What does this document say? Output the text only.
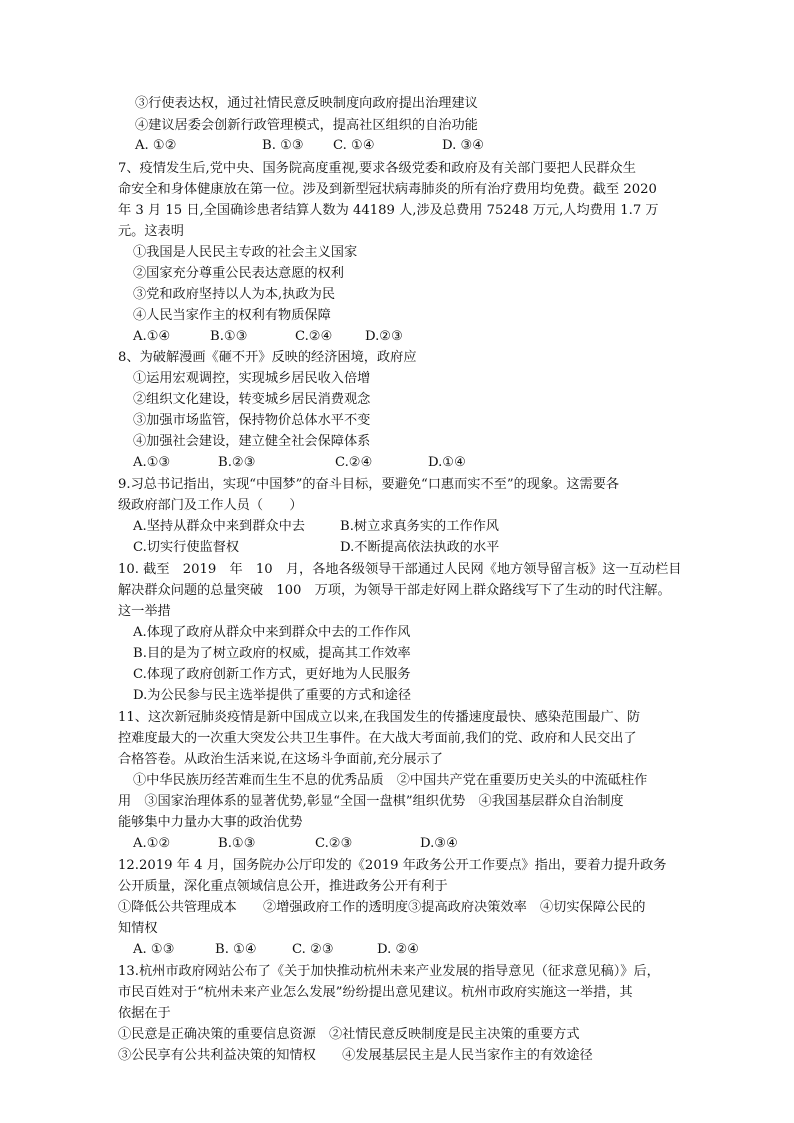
③行使表达权，通过社情民意反映制度向政府提出治理建议
④建议居委会创新行政管理模式，提高社区组织的自治功能
A. ①②	B. ①③ C. ①④	D. ③④
7、疫情发生后,党中央、国务院高度重视,要求各级党委和政府及有关部门要把人民群众生
命安全和身体健康放在第一位。涉及到新型冠状病毒肺炎的所有治疗费用均免费。截至 2020
年 3 月 15 日,全国确诊患者结算人数为 44189 人,涉及总费用 75248 万元,人均费用 1.7 万
元。这表明
①我国是人民民主专政的社会主义国家
②国家充分尊重公民表达意愿的权利
③党和政府坚持以人为本,执政为民
④人民当家作主的权利有物质保障
A.①④	B.①③	C.②④ D.②③
8、为破解漫画《砸不开》反映的经济困境，政府应
①运用宏观调控，实现城乡居民收入倍增
②组织文化建设，转变城乡居民消费观念
③加强市场监管，保持物价总体水平不变
④加强社会建设，建立健全社会保障体系
A.①③	B.②③	C.②④	D.①④
9.习总书记指出，实现“中国梦”的奋斗目标，要避免“口惠而实不至”的现象。这需要各
级政府部门及工作人员（　　）
A.坚持从群众中来到群众中去	B.树立求真务实的工作作风
C.切实行使监督权	D.不断提高依法执政的水平
10. 截至　2019　年　10　月，各地各级领导干部通过人民网《地方领导留言板》这一互动栏目
解决群众问题的总量突破　100　万项，为领导干部走好网上群众路线写下了生动的时代注解。
这一举措
A.体现了政府从群众中来到群众中去的工作作风
B.目的是为了树立政府的权威，提高其工作效率
C.体现了政府创新工作方式，更好地为人民服务
D.为公民参与民主选举提供了重要的方式和途径
11、这次新冠肺炎疫情是新中国成立以来,在我国发生的传播速度最快、感染范围最广、防
控难度最大的一次重大突发公共卫生事件。在大战大考面前,我们的党、政府和人民交出了
合格答卷。从政治生活来说,在这场斗争面前,充分展示了
①中华民族历经苦难而生生不息的优秀品质　②中国共产党在重要历史关头的中流砥柱作
用　③国家治理体系的显著优势,彰显“全国一盘棋”组织优势　④我国基层群众自治制度
能够集中力量办大事的政治优势
A.①②	B.①③	C.②③	D.③④
12.2019 年 4 月，国务院办公厅印发的《2019 年政务公开工作要点》指出，要着力提升政务
公开质量，深化重点领域信息公开，推进政务公开有利于
①降低公共管理成本　　②增强政府工作的透明度③提高政府决策效率　④切实保障公民的
知情权
A. ①③	B. ①④	C. ②③	D. ②④
13.杭州市政府网站公布了《关于加快推动杭州未来产业发展的指导意见（征求意见稿）》后，
市民百姓对于“杭州未来产业怎么发展”纷纷提出意见建议。杭州市政府实施这一举措，其
依据在于
①民意是正确决策的重要信息资源　②社情民意反映制度是民主决策的重要方式
③公民享有公共利益决策的知情权　　④发展基层民主是人民当家作主的有效途径
